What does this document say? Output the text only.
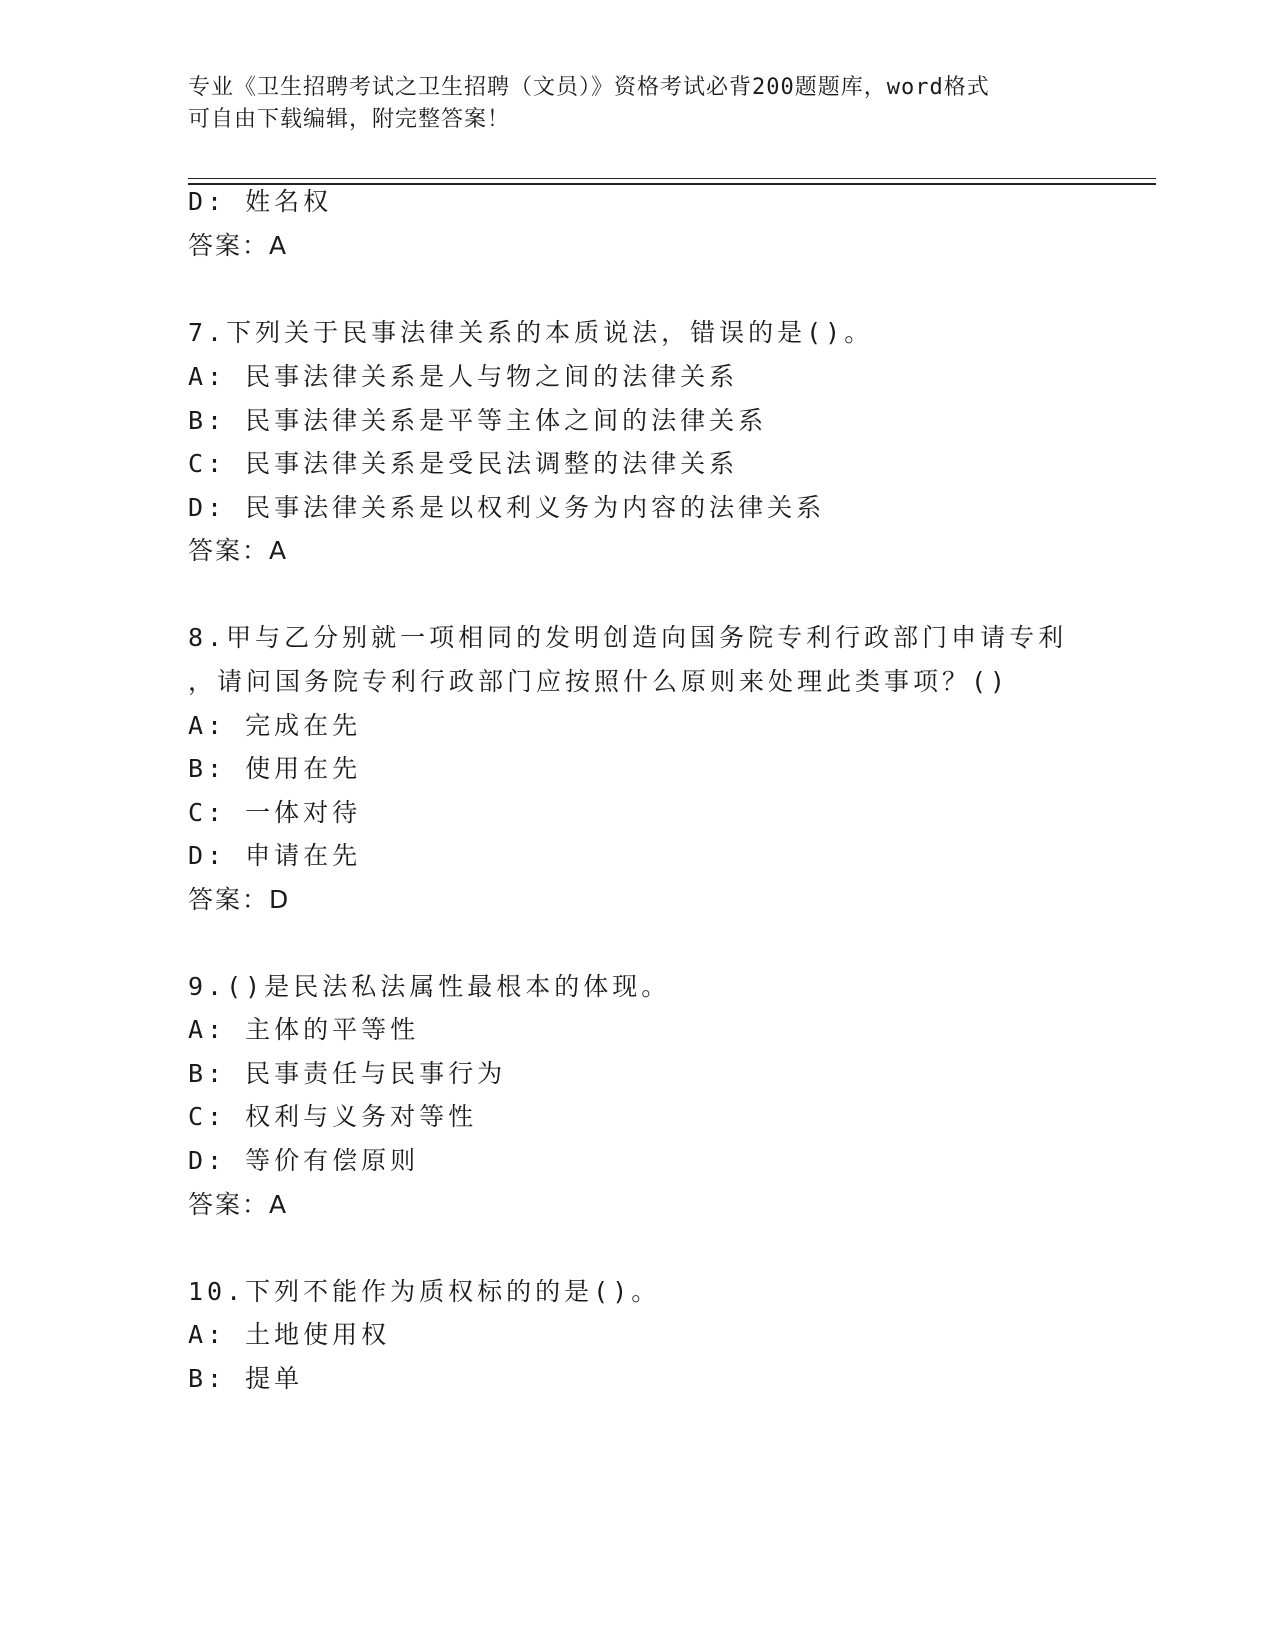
专业《卫生招聘考试之卫生招聘（文员）》资格考试必背200题题库，word格式
可自由下载编辑，附完整答案！
D: 姓名权
答案：A
7.下列关于民事法律关系的本质说法，错误的是()。
A: 民事法律关系是人与物之间的法律关系
B: 民事法律关系是平等主体之间的法律关系
C: 民事法律关系是受民法调整的法律关系
D: 民事法律关系是以权利义务为内容的法律关系
答案：A
8.甲与乙分别就一项相同的发明创造向国务院专利行政部门申请专利
，请问国务院专利行政部门应按照什么原则来处理此类事项？()
A: 完成在先
B: 使用在先
C: 一体对待
D: 申请在先
答案：D
9.()是民法私法属性最根本的体现。
A: 主体的平等性
B: 民事责任与民事行为
C: 权利与义务对等性
D: 等价有偿原则
答案：A
10.下列不能作为质权标的的是()。
A: 土地使用权
B: 提单
